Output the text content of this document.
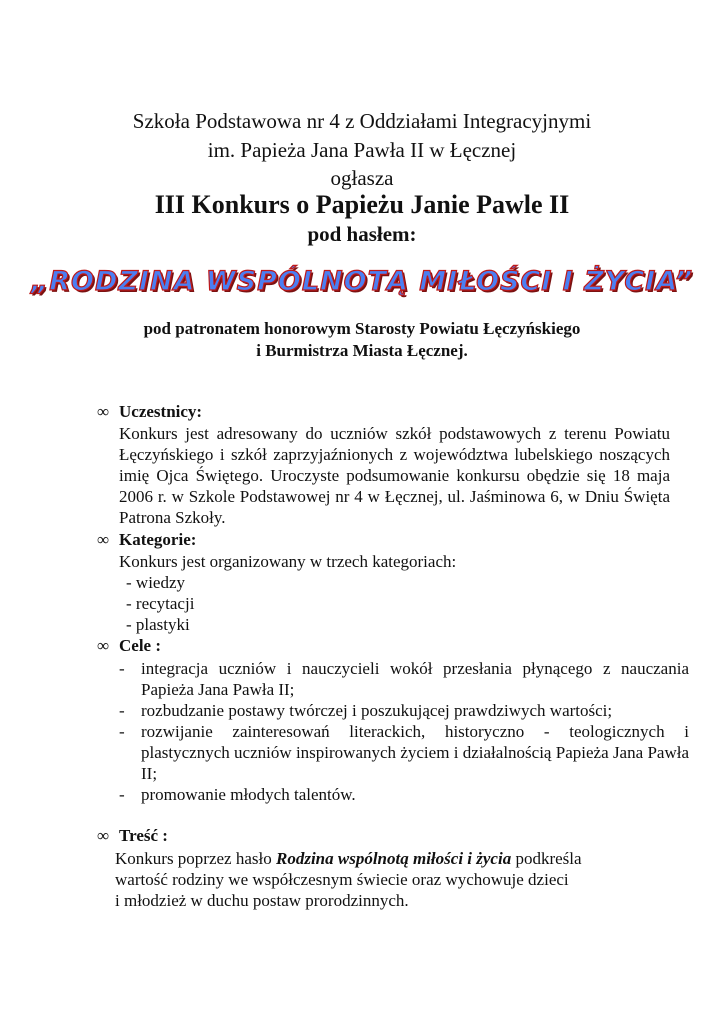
Szkoła Podstawowa nr 4 z Oddziałami Integracyjnymi

im. Papieża Jana Pawła II w Łęcznej

ogłasza

III Konkurs o Papieżu Janie Pawle II

pod hasłem:

„RODZINA WSPÓLNOTĄ MIŁOŚCI I ŻYCIA”

pod patronatem honorowym Starosty Powiatu Łęczyńskiego

i Burmistrza Miasta Łęcznej.

∞ Uczestnicy:

Konkurs jest adresowany do uczniów szkół podstawowych z terenu Powiatu Łęczyńskiego i szkół zaprzyjaźnionych z województwa lubelskiego noszących imię Ojca Świętego. Uroczyste podsumowanie konkursu obędzie się 18 maja 2006 r. w Szkole Podstawowej nr 4 w Łęcznej, ul. Jaśminowa 6, w Dniu Święta Patrona Szkoły.

∞ Kategorie:

Konkurs jest organizowany w trzech kategoriach:

- wiedzy
- recytacji
- plastyki

∞ Cele :

- integracja uczniów i nauczycieli wokół przesłania płynącego z nauczania Papieża Jana Pawła II;
- rozbudzanie postawy twórczej i poszukującej prawdziwych wartości;
- rozwijanie zainteresowań literackich, historyczno - teologicznych i plastycznych uczniów inspirowanych życiem i działalnością Papieża Jana Pawła II;
- promowanie młodych talentów.

∞ Treść :

Konkurs poprzez hasło Rodzina wspólnotą miłości i życia podkreśla

wartość rodziny we współczesnym świecie oraz wychowuje dzieci

i młodzież w duchu postaw prorodzinnych.
